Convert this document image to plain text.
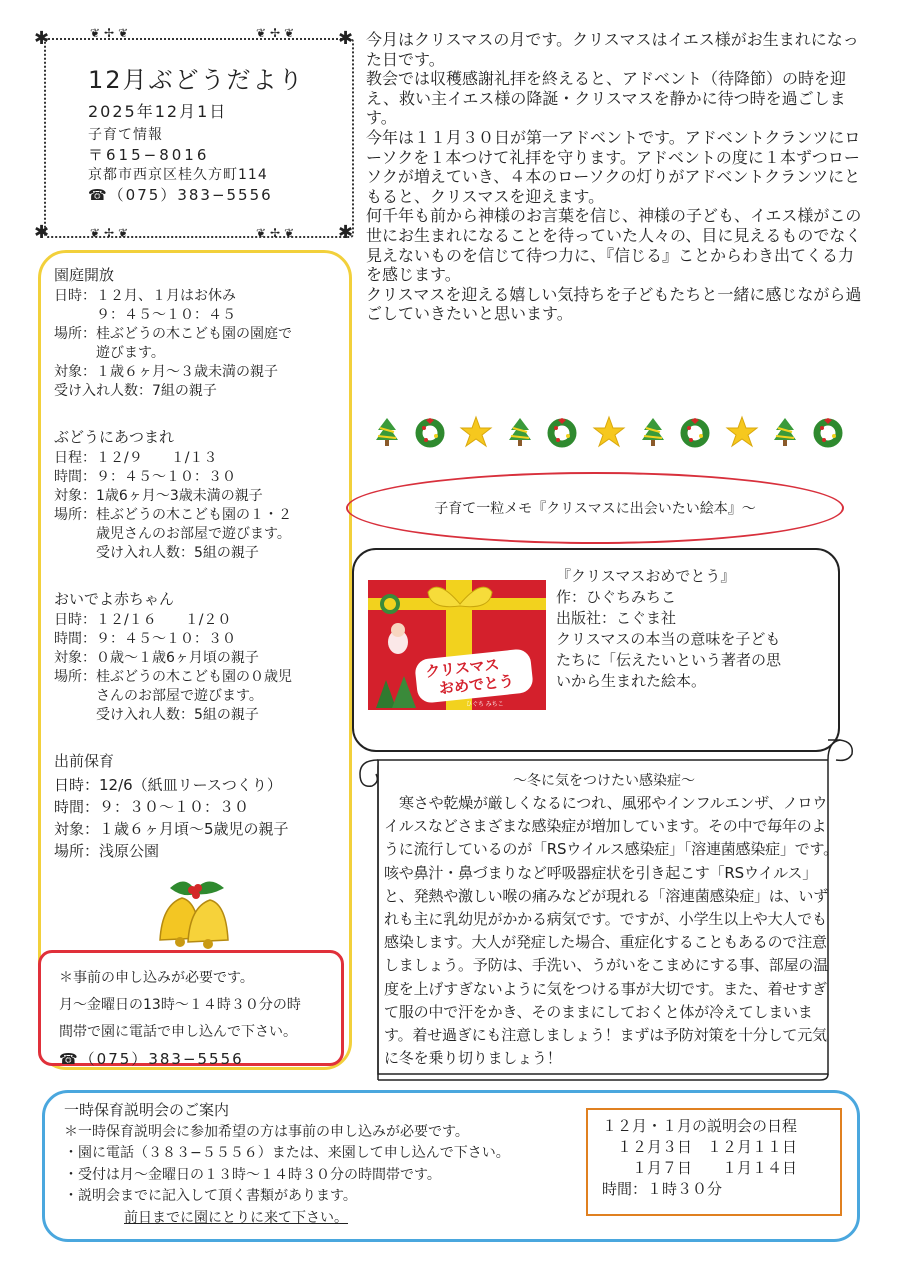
12月ぶどうだより
2025年12月1日
子育て情報
〒615−8016
京都市西京区桂久方町114
☎（075）383−5556
✱	✱
✱	✱
❦✢❦	❦✢❦
❦✢❦	❦✢❦

今月はクリスマスの月です。クリスマスはイエス様がお生まれになった日です。

教会では収穫感謝礼拝を終えると、アドベント（待降節）の時を迎え、救い主イエス様の降誕・クリスマスを静かに待つ時を過ごします。

今年は１１月３０日が第一アドベントです。アドベントクランツにローソクを１本つけて礼拝を守ります。アドベントの度に１本ずつローソクが増えていき、４本のローソクの灯りがアドベントクランツにともると、クリスマスを迎えます。

何千年も前から神様のお言葉を信じ、神様の子ども、イエス様がこの世にお生まれになることを待っていた人々の、目に見えるものでなく見えないものを信じて待つ力に、『信じる』ことからわき出てくる力を感じます。

クリスマスを迎える嬉しい気持ちを子どもたちと一緒に感じながら過ごしていきたいと思います。

園庭開放
日時：１２月、１月はお休み
　　　９：４５〜１０：４５
場所：桂ぶどうの木こども園の園庭で
　　　遊びます。
対象：１歳６ヶ月〜３歳未満の親子
受け入れ人数：7組の親子
ぶどうにあつまれ
日程：１２/９　　１/１３
時間：９：４５〜１０：３０
対象：1歳6ヶ月〜3歳未満の親子
場所：桂ぶどうの木こども園の１・２
　　　歳児さんのお部屋で遊びます。
　　　受け入れ人数：5組の親子
おいでよ赤ちゃん
日時：１２/１６　　１/２０
時間：９：４５〜１０：３０
対象：０歳〜１歳6ヶ月頃の親子
場所：桂ぶどうの木こども園の０歳児
　　　さんのお部屋で遊びます。
　　　受け入れ人数：5組の親子
出前保育
日時：12/6（紙皿リースつくり）
時間：９：３０〜１０：３０
対象：１歳６ヶ月頃〜5歳児の親子
場所：浅原公園
＊事前の申し込みが必要です。
月〜金曜日の13時〜１４時３０分の時
間帯で園に電話で申し込んで下さい。
☎（075）383−5556
子育て一粒メモ『クリスマスに出会いたい絵本』〜
クリスマス
おめでとう
ひぐち みちこ
『クリスマスおめでとう』
作：ひぐちみちこ
出版社：こぐま社
クリスマスの本当の意味を子ども
たちに「伝えたいという著者の思
いから生まれた絵本。
〜冬に気をつけたい感染症〜
寒さや乾燥が厳しくなるにつれ、風邪やインフルエンザ、ノロウイルスなどさまざまな感染症が増加しています。その中で毎年のように流行しているのが「RSウイルス感染症」「溶連菌感染症」です。咳や鼻汁・鼻づまりなど呼吸器症状を引き起こす「RSウイルス」と、発熱や激しい喉の痛みなどが現れる「溶連菌感染症」は、いずれも主に乳幼児がかかる病気です。ですが、小学生以上や大人でも感染します。大人が発症した場合、重症化することもあるので注意しましょう。予防は、手洗い、うがいをこまめにする事、部屋の温度を上げすぎないように気をつける事が大切です。また、着せすぎて服の中で汗をかき、そのままにしておくと体が冷えてしまいます。着せ過ぎにも注意しましょう！まずは予防対策を十分して元気に冬を乗り切りましょう！
一時保育説明会のご案内
＊一時保育説明会に参加希望の方は事前の申し込みが必要です。
・園に電話（３８３−５５５６）または、来園して申し込んで下さい。
・受付は月〜金曜日の１３時〜１４時３０分の時間帯です。
・説明会までに記入して頂く書類があります。
前日までに園にとりに来て下さい。
１２月・１月の説明会の日程
　１２月３日　１２月１１日
　　１月７日　　１月１４日
時間：１時３０分
